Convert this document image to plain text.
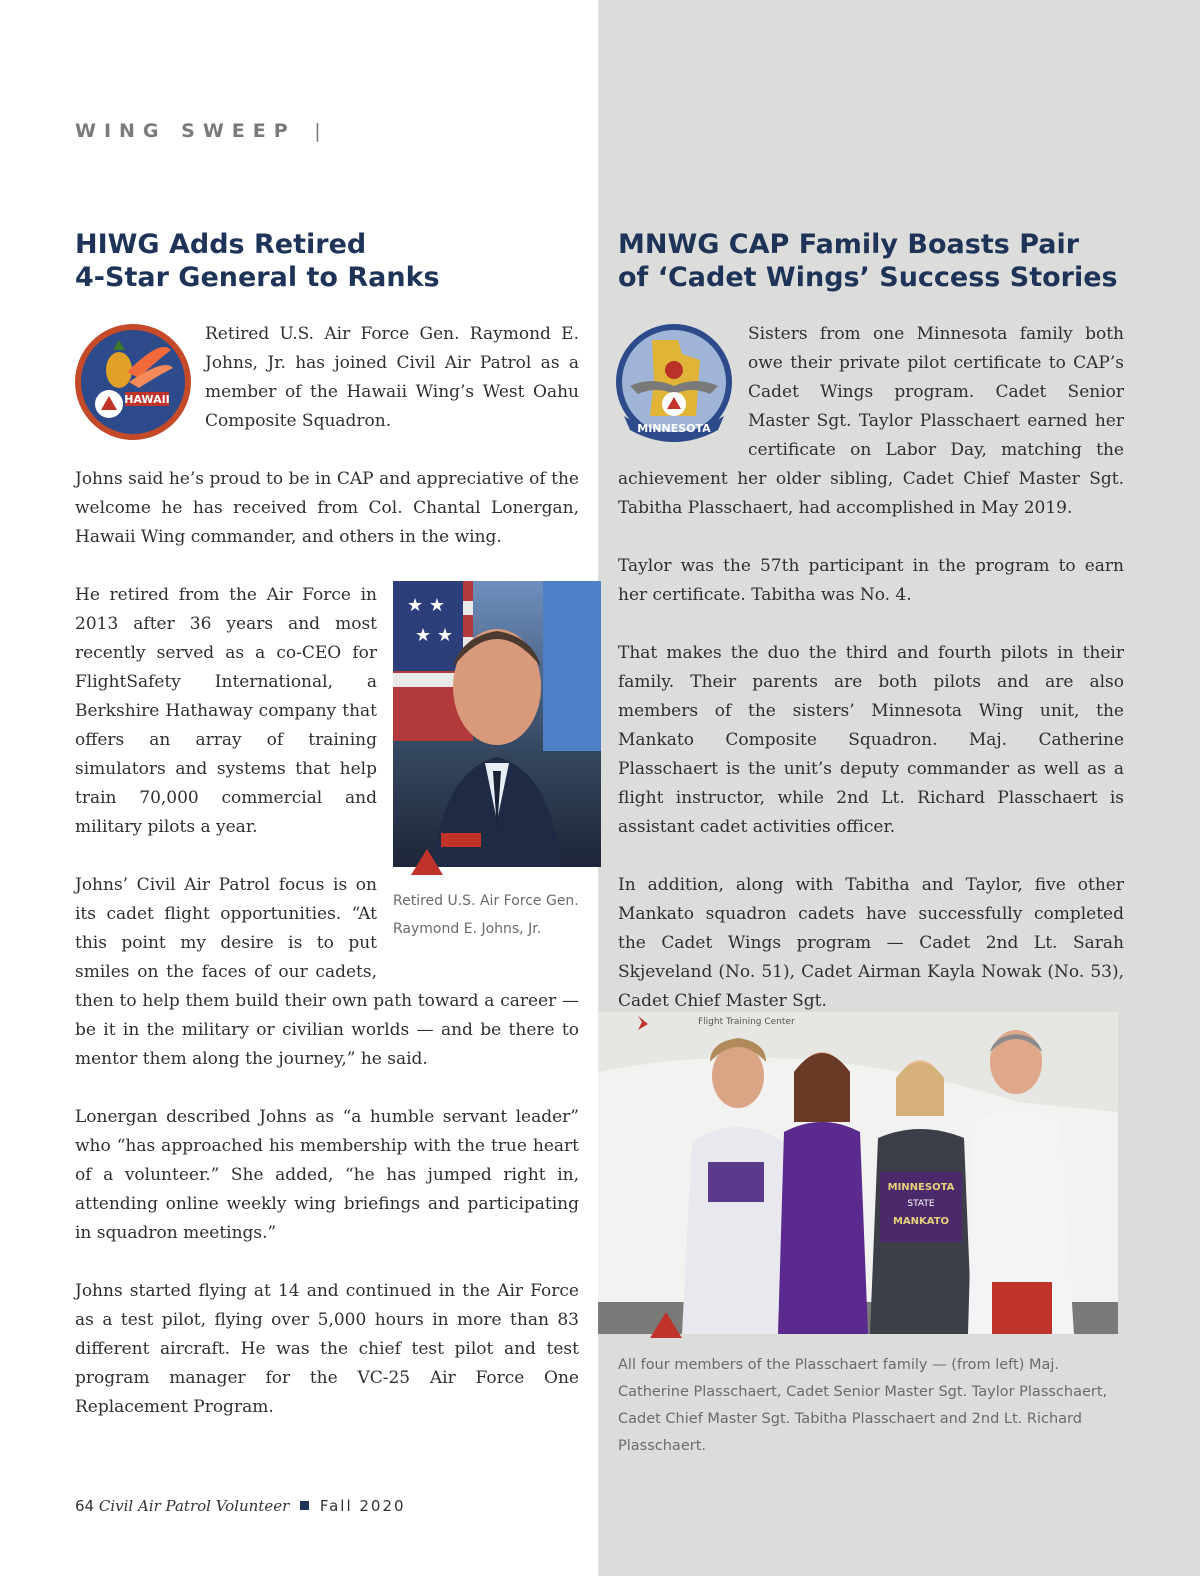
WING SWEEP |
HIWG Adds Retired
4-Star General to Ranks
MNWG CAP Family Boasts Pair
of ‘Cadet Wings’ Success Stories
HAWAII

Retired U.S. Air Force Gen. Raymond E. Johns, Jr. has joined Civil Air Patrol as a member of the Hawaii Wing’s West Oahu Composite Squadron.

Johns said he’s proud to be in CAP and appreciative of the welcome he has received from Col. Chantal Lonergan, Hawaii Wing commander, and others in the wing.

★ ★
★ ★
Retired U.S. Air Force Gen. Raymond E. Johns, Jr.

He retired from the Air Force in 2013 after 36 years and most recently served as a co-CEO for FlightSafety International, a Berkshire Hathaway company that offers an array of training simulators and systems that help train 70,000 commercial and military pilots a year.

Johns’ Civil Air Patrol focus is on its cadet flight opportunities. “At this point my desire is to put smiles on the faces of our cadets, then to help them build their own path toward a career — be it in the military or civilian worlds — and be there to mentor them along the journey,” he said.

Lonergan described Johns as “a humble servant leader” who “has approached his membership with the true heart of a volunteer.” She added, “he has jumped right in, attending online weekly wing briefings and participating in squadron meetings.”

Johns started flying at 14 and continued in the Air Force as a test pilot, flying over 5,000 hours in more than 83 different aircraft. He was the chief test pilot and test program manager for the VC-25 Air Force One Replacement Program.

MINNESOTA

Sisters from one Minnesota family both owe their private pilot certificate to CAP’s Cadet Wings program. Cadet Senior Master Sgt. Taylor Plasschaert earned her certificate on Labor Day, matching the achievement her older sibling, Cadet Chief Master Sgt. Tabitha Plasschaert, had accomplished in May 2019.

Taylor was the 57th participant in the program to earn her certificate. Tabitha was No. 4.

That makes the duo the third and fourth pilots in their family. Their parents are both pilots and are also members of the sisters’ Minnesota Wing unit, the Mankato Composite Squadron. Maj. Catherine Plasschaert is the unit’s deputy commander as well as a flight instructor, while 2nd Lt. Richard Plasschaert is assistant cadet activities officer.

In addition, along with Tabitha and Taylor, five other Mankato squadron cadets have successfully completed the Cadet Wings program — Cadet 2nd Lt. Sarah Skjeveland (No. 51), Cadet Airman Kayla Nowak (No. 53), Cadet Chief Master Sgt.

Flight Training Center
MINNESOTA
STATE
MANKATO
All four members of the Plasschaert family — (from left) Maj. Catherine Plasschaert, Cadet Senior Master Sgt. Taylor Plasschaert, Cadet Chief Master Sgt. Tabitha Plasschaert and 2nd Lt. Richard Plasschaert.
64 Civil Air Patrol Volunteer Fall 2020
